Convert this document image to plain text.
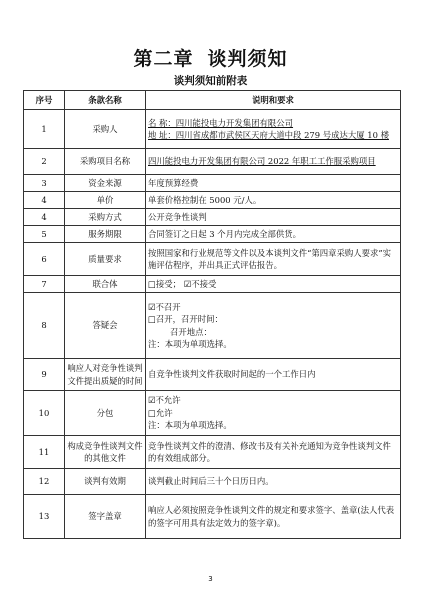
第二章 谈判须知
谈判须知前附表
序号	条款名称	说明和要求
1	采购人	名 称：四川能投电力开发集团有限公司
地 址：四川省成都市武侯区天府大道中段 279 号成达大厦 10 楼

2	采购项目名称	四川能投电力开发集团有限公司 2022 年职工工作服采购项目
3	资金来源	年度预算经费
4	单价	单套价格控制在 5000 元/人。
4	采购方式	公开竞争性谈判
5	服务期限	合同签订之日起 3 个月内完成全部供货。
6	质量要求	按照国家和行业规范等文件以及本谈判文件“第四章采购人要求”实施评估程序，并出具正式评估报告。
7	联合体	□接受； ☑不接受
8	答疑会	☑不召开
□召开，召开时间：
召开地点：
注：本项为单项选择。

9	响应人对竞争性谈判文件提出质疑的时间	自竞争性谈判文件获取时间起的一个工作日内
10	分包	☑不允许
□允许
注：本项为单项选择。

11	构成竞争性谈判文件的其他文件	竞争性谈判文件的澄清、修改书及有关补充通知为竞争性谈判文件的有效组成部分。
12	谈判有效期	谈判截止时间后三十个日历日内。
13	签字盖章	响应人必须按照竞争性谈判文件的规定和要求签字、盖章(法人代表的签字可用具有法定效力的签字章)。
3
